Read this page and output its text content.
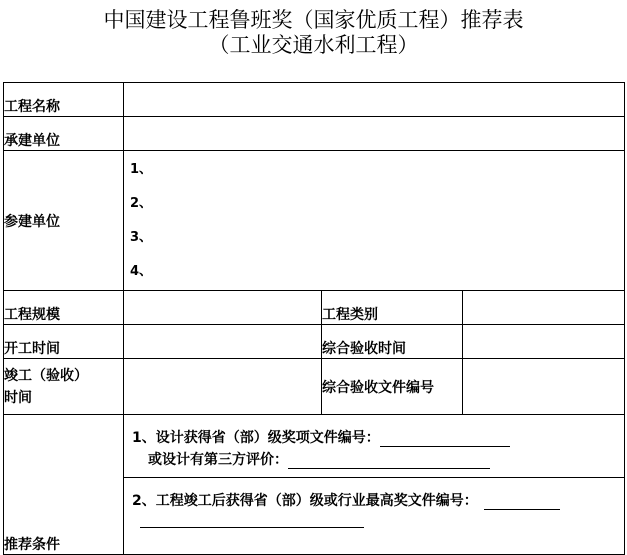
中国建设工程鲁班奖（国家优质工程）推荐表
（工业交通水利工程）
工程名称			
承建单位			
参建单位	1、
2、
3、
4、		

工程规模		工程类别	
开工时间		综合验收时间	

竣工（验收）
时间		综合验收文件编号	
推荐条件	1、设计获得省（部）级奖项文件编号：
或设计有第三方评价：
2、工程竣工后获得省（部）级或行业最高奖文件编号：		
